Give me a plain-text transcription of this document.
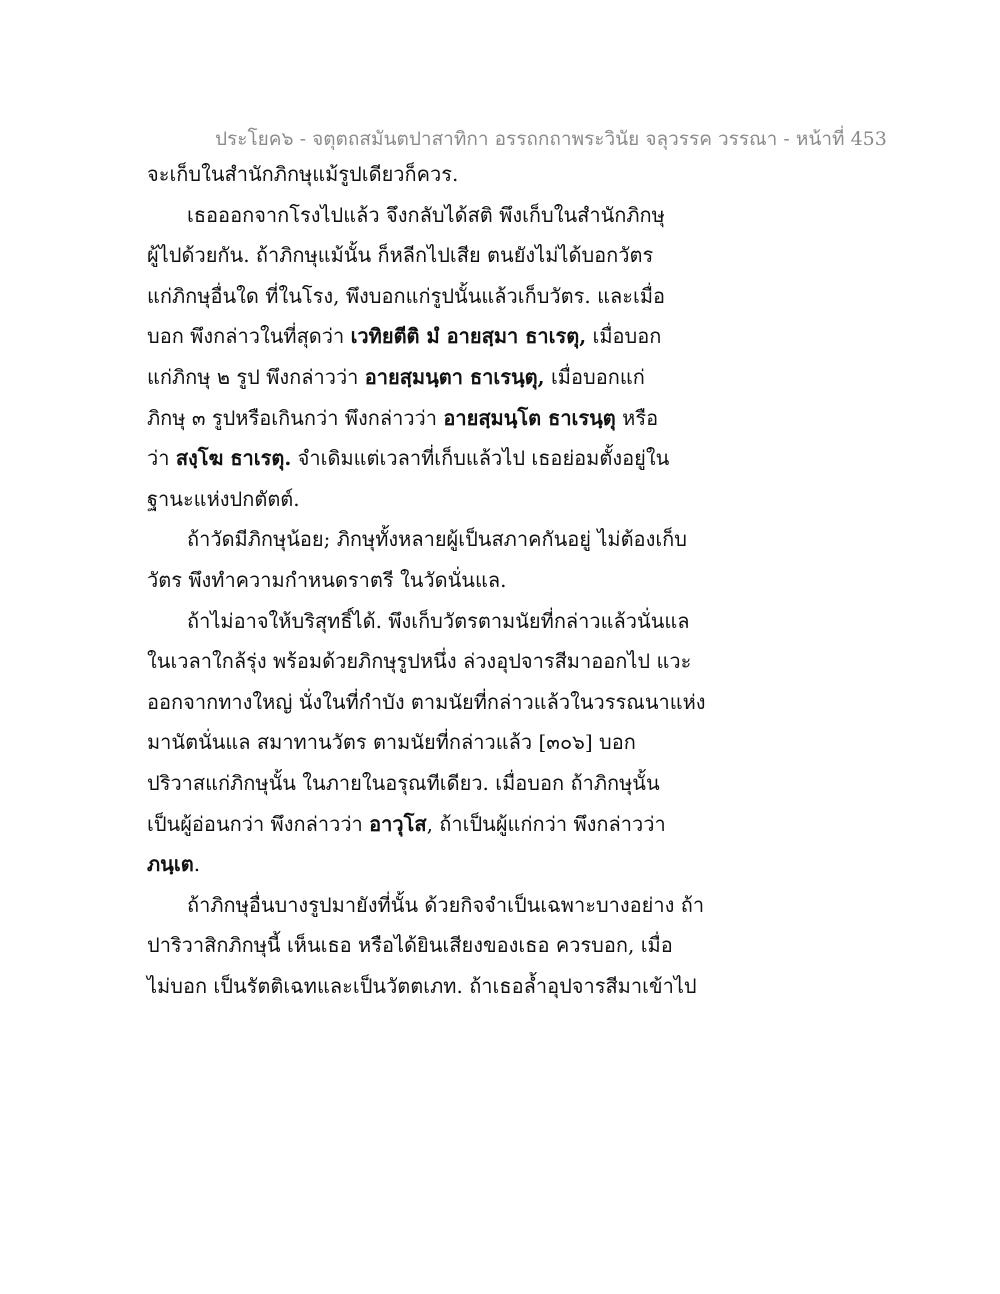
ประโยค๖ - จตุตถสมันตปาสาทิกา อรรถกถาพระวินัย จลุวรรค วรรณา - หน้าที่ 453
จะเก็บในสำนักภิกษุแม้รูปเดียวก็ควร.
เธอออกจากโรงไปแล้ว จึงกลับได้สติ พึงเก็บในสำนักภิกษุ
ผู้ไปด้วยกัน. ถ้าภิกษุแม้นั้น ก็หลีกไปเสีย ตนยังไม่ได้บอกวัตร
แก่ภิกษุอื่นใด ที่ในโรง, พึงบอกแก่รูปนั้นแล้วเก็บวัตร. และเมื่อ
บอก พึงกล่าวในที่สุดว่า เวทิยตีติ มํ อายสฺมา ธาเรตุ, เมื่อบอก
แก่ภิกษุ ๒ รูป พึงกล่าวว่า อายสฺมนฺตา ธาเรนฺตุ, เมื่อบอกแก่
ภิกษุ ๓ รูปหรือเกินกว่า พึงกล่าวว่า อายสฺมนฺโต ธาเรนฺตุ หรือ
ว่า สงฺโฆ ธาเรตุ. จำเดิมแต่เวลาที่เก็บแล้วไป เธอย่อมตั้งอยู่ใน
ฐานะแห่งปกตัตต์.
ถ้าวัดมีภิกษุน้อย; ภิกษุทั้งหลายผู้เป็นสภาคกันอยู่ ไม่ต้องเก็บ
วัตร พึงทำความกำหนดราตรี ในวัดนั่นแล.
ถ้าไม่อาจให้บริสุทธิ์ได้. พึงเก็บวัตรตามนัยที่กล่าวแล้วนั่นแล
ในเวลาใกล้รุ่ง พร้อมด้วยภิกษุรูปหนึ่ง ล่วงอุปจารสีมาออกไป แวะ
ออกจากทางใหญ่ นั่งในที่กำบัง ตามนัยที่กล่าวแล้วในวรรณนาแห่ง
มานัตนั่นแล สมาทานวัตร ตามนัยที่กล่าวแล้ว [๓๐๖] บอก
ปริวาสแก่ภิกษุนั้น ในภายในอรุณทีเดียว. เมื่อบอก ถ้าภิกษุนั้น
เป็นผู้อ่อนกว่า พึงกล่าวว่า อาวุโส, ถ้าเป็นผู้แก่กว่า พึงกล่าวว่า
ภนฺเต.
ถ้าภิกษุอื่นบางรูปมายังที่นั้น ด้วยกิจจำเป็นเฉพาะบางอย่าง ถ้า
ปาริวาสิกภิกษุนี้ เห็นเธอ หรือได้ยินเสียงของเธอ ควรบอก, เมื่อ
ไม่บอก เป็นรัตติเฉทและเป็นวัตตเภท. ถ้าเธอล้ำอุปจารสีมาเข้าไป
